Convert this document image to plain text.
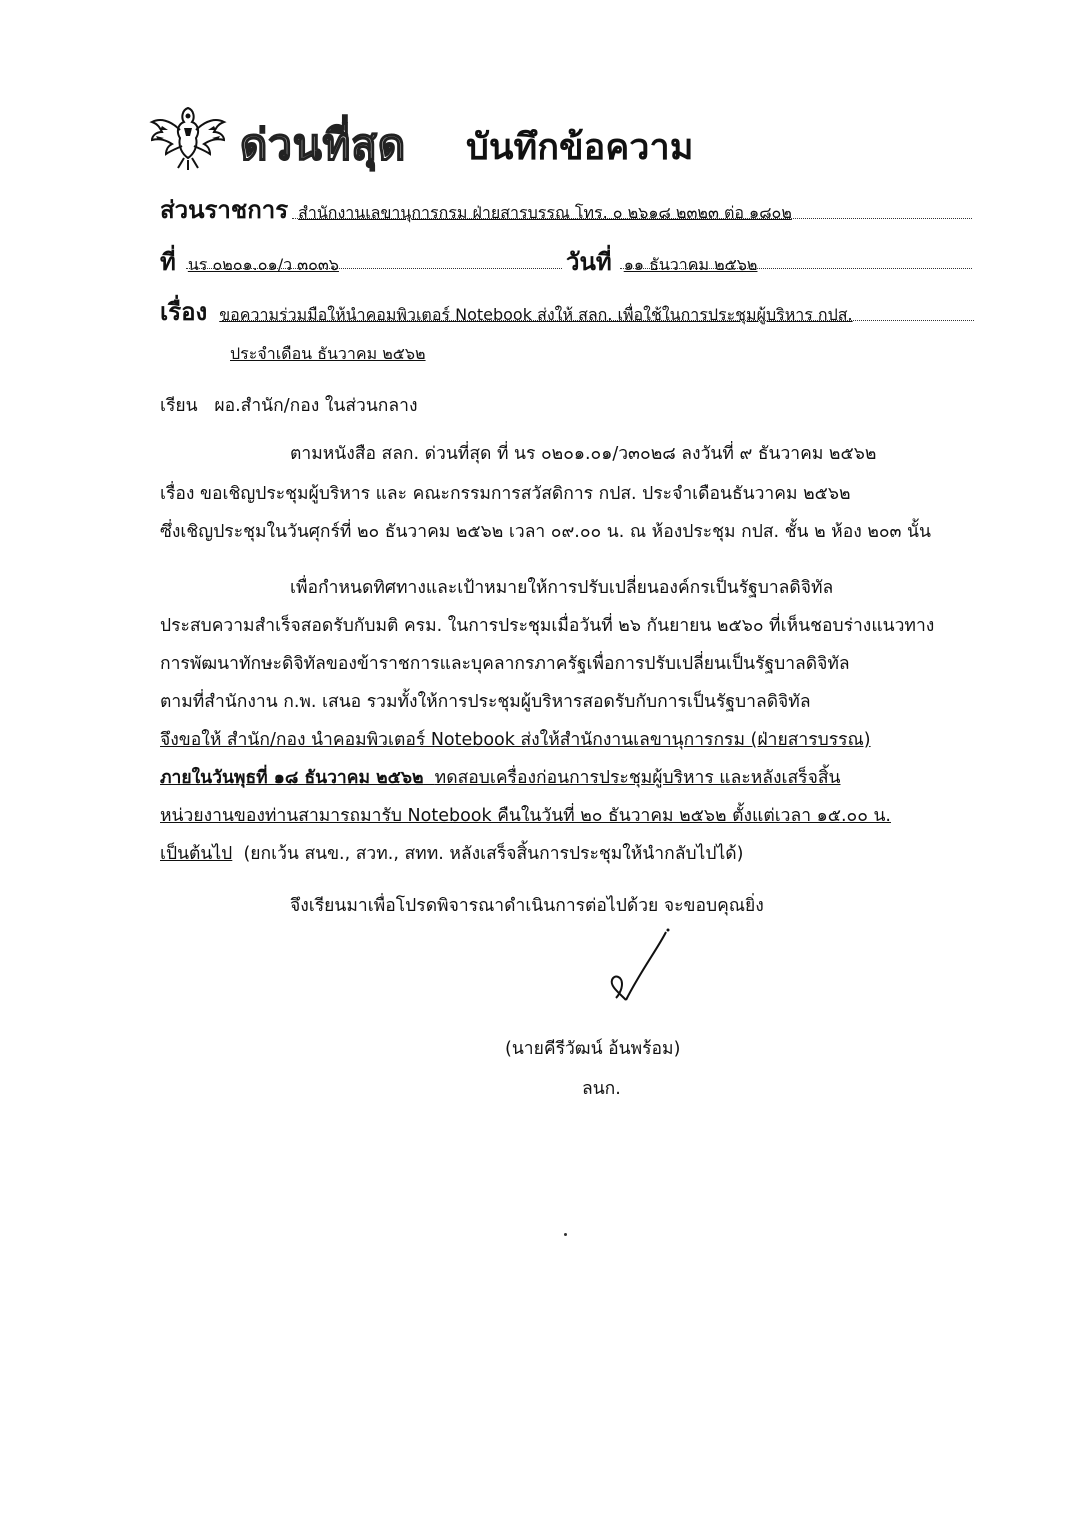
ด่วนที่สุด บันทึกข้อความ
ส่วนราชการ สำนักงานเลขานุการกรม ฝ่ายสารบรรณ โทร. ๐ ๒๖๑๘ ๒๓๒๓ ต่อ ๑๘๐๒
ที่ นร ๐๒๐๑.๐๑/ว ๓๐๓๖	วันที่ ๑๑ ธันวาคม ๒๕๖๒
เรื่อง ขอความร่วมมือให้นำคอมพิวเตอร์ Notebook ส่งให้ สลก. เพื่อใช้ในการประชุมผู้บริหาร กปส.
ประจำเดือน ธันวาคม ๒๕๖๒
เรียน ผอ.สำนัก/กอง ในส่วนกลาง
ตามหนังสือ สลก. ด่วนที่สุด ที่ นร ๐๒๐๑.๐๑/ว๓๐๒๘ ลงวันที่ ๙ ธันวาคม ๒๕๖๒
เรื่อง ขอเชิญประชุมผู้บริหาร และ คณะกรรมการสวัสดิการ กปส. ประจำเดือนธันวาคม ๒๕๖๒
ซึ่งเชิญประชุมในวันศุกร์ที่ ๒๐ ธันวาคม ๒๕๖๒ เวลา ๐๙.๐๐ น. ณ ห้องประชุม กปส. ชั้น ๒ ห้อง ๒๐๓ นั้น
เพื่อกำหนดทิศทางและเป้าหมายให้การปรับเปลี่ยนองค์กรเป็นรัฐบาลดิจิทัล
ประสบความสำเร็จสอดรับกับมติ ครม. ในการประชุมเมื่อวันที่ ๒๖ กันยายน ๒๕๖๐ ที่เห็นชอบร่างแนวทาง
การพัฒนาทักษะดิจิทัลของข้าราชการและบุคลากรภาครัฐเพื่อการปรับเปลี่ยนเป็นรัฐบาลดิจิทัล
ตามที่สำนักงาน ก.พ. เสนอ รวมทั้งให้การประชุมผู้บริหารสอดรับกับการเป็นรัฐบาลดิจิทัล
จึงขอให้ สำนัก/กอง นำคอมพิวเตอร์ Notebook ส่งให้สำนักงานเลขานุการกรม (ฝ่ายสารบรรณ)
ภายในวันพุธที่ ๑๘ ธันวาคม ๒๕๖๒ ทดสอบเครื่องก่อนการประชุมผู้บริหาร และหลังเสร็จสิ้น
หน่วยงานของท่านสามารถมารับ Notebook คืนในวันที่ ๒๐ ธันวาคม ๒๕๖๒ ตั้งแต่เวลา ๑๕.๐๐ น.
เป็นต้นไป (ยกเว้น สนข., สวท., สทท. หลังเสร็จสิ้นการประชุมให้นำกลับไปได้)
จึงเรียนมาเพื่อโปรดพิจารณาดำเนินการต่อไปด้วย จะขอบคุณยิ่ง
(นายคีรีวัฒน์ อ้นพร้อม)
ลนก.
